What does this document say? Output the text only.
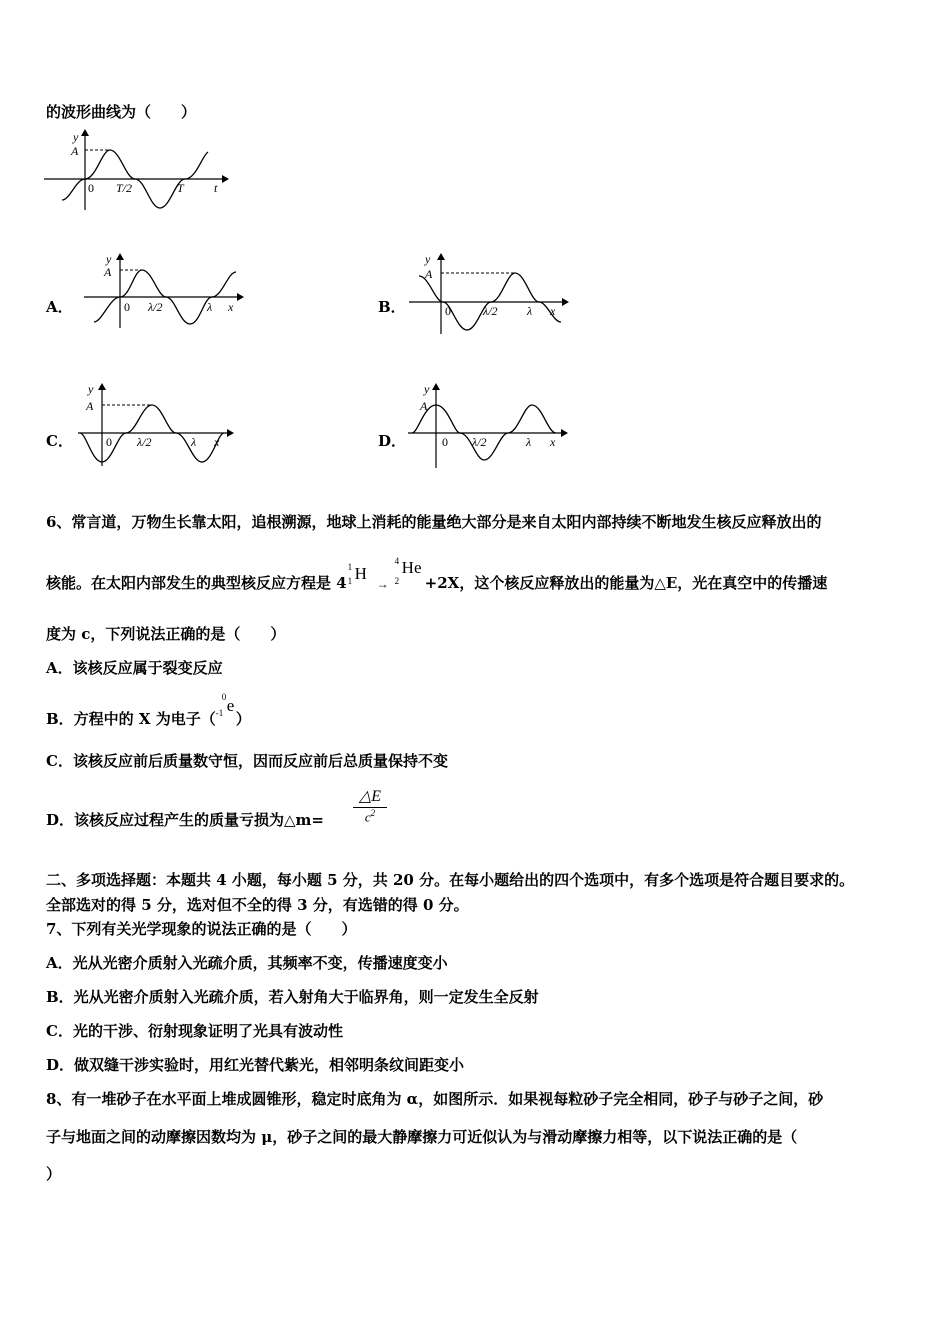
的波形曲线为（　　）
y
A
0 T/2	T	t
A．
y
A
0 λ/2	λ x	B．
y
A
0	λ/2 λ x
C．
y
A
0 λ/2	λ x	D．
y
A
0 λ/2	λ x
6、常言道，万物生长靠太阳，追根溯源，地球上消耗的能量绝大部分是来自太阳内部持续不断地发生核反应释放出的
核能。在太阳内部发生的典型核反应方程是 4
1
1 H
→
4
2
He
+2X，这个核反应释放出的能量为△E，光在真空中的传播速
度为 c，下列说法正确的是（　　）
A．该核反应属于裂变反应
B．方程中的 X 为电子（
0
-1 e
）
C．该核反应前后质量数守恒，因而反应前后总质量保持不变
D．该核反应过程产生的质量亏损为△m=
△E
$c^2$
二、多项选择题：本题共 4 小题，每小题 5 分，共 20 分。在每小题给出的四个选项中，有多个选项是符合题目要求的。
全部选对的得 5 分，选对但不全的得 3 分，有选错的得 0 分。
7、下列有关光学现象的说法正确的是（　　）
A．光从光密介质射入光疏介质，其频率不变，传播速度变小
B．光从光密介质射入光疏介质，若入射角大于临界角，则一定发生全反射
C．光的干涉、衍射现象证明了光具有波动性
D．做双缝干涉实验时，用红光替代紫光，相邻明条纹间距变小
8、有一堆砂子在水平面上堆成圆锥形，稳定时底角为 α，如图所示．如果视每粒砂子完全相同，砂子与砂子之间，砂
子与地面之间的动摩擦因数均为 μ，砂子之间的最大静摩擦力可近似认为与滑动摩擦力相等，以下说法正确的是（
）
